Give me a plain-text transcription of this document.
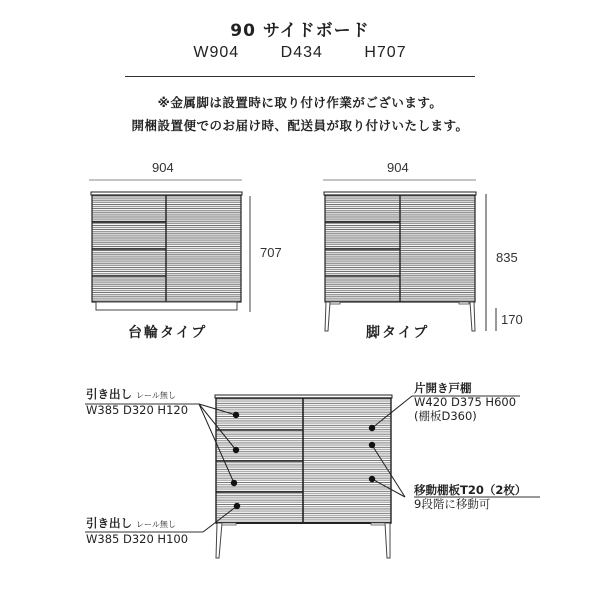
90 サイドボード
W904	D434	H707
※金属脚は設置時に取り付け作業がございます。
開梱設置便でのお届け時、配送員が取り付けいたします。
904
707
台輪タイプ
904
835
170
脚タイプ
引き出し レール無し
W385 D320 H120
引き出し レール無し
W385 D320 H100
片開き戸棚
W420 D375 H600
(棚板D360)
移動棚板T20（2枚）
9段階に移動可
